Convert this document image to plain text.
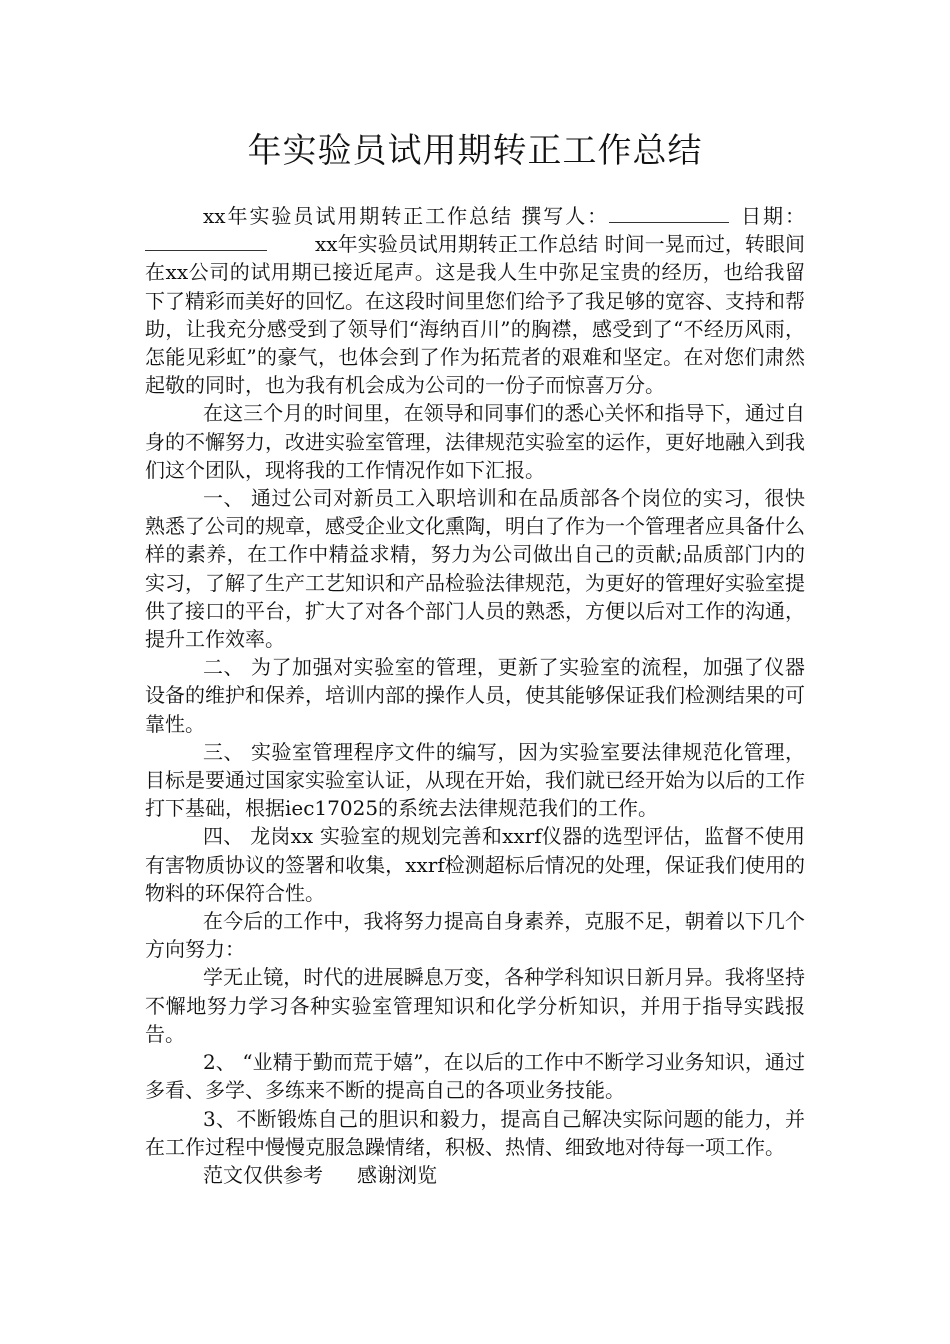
年实验员试用期转正工作总结

xx年实验员试用期转正工作总结 撰写人：	日期：xx年实验员试用期转正工作总结 时间一晃而过，转眼间在xx公司的试用期已接近尾声。这是我人生中弥足宝贵的经历，也给我留下了精彩而美好的回忆。在这段时间里您们给予了我足够的宽容、支持和帮助，让我充分感受到了领导们“海纳百川”的胸襟，感受到了“不经历风雨，怎能见彩虹”的豪气，也体会到了作为拓荒者的艰难和坚定。在对您们肃然起敬的同时，也为我有机会成为公司的一份子而惊喜万分。

在这三个月的时间里，在领导和同事们的悉心关怀和指导下，通过自身的不懈努力，改进实验室管理，法律规范实验室的运作，更好地融入到我们这个团队，现将我的工作情况作如下汇报。

一、 通过公司对新员工入职培训和在品质部各个岗位的实习，很快熟悉了公司的规章，感受企业文化熏陶，明白了作为一个管理者应具备什么样的素养，在工作中精益求精，努力为公司做出自己的贡献;品质部门内的实习，了解了生产工艺知识和产品检验法律规范，为更好的管理好实验室提供了接口的平台，扩大了对各个部门人员的熟悉，方便以后对工作的沟通，提升工作效率。

二、 为了加强对实验室的管理，更新了实验室的流程，加强了仪器设备的维护和保养，培训内部的操作人员，使其能够保证我们检测结果的可靠性。

三、 实验室管理程序文件的编写，因为实验室要法律规范化管理，目标是要通过国家实验室认证，从现在开始，我们就已经开始为以后的工作打下基础，根据iec17025的系统去法律规范我们的工作。

四、 龙岗xx 实验室的规划完善和xxrf仪器的选型评估，监督不使用有害物质协议的签署和收集，xxrf检测超标后情况的处理，保证我们使用的物料的环保符合性。

在今后的工作中，我将努力提高自身素养，克服不足，朝着以下几个方向努力：

学无止镜，时代的进展瞬息万变，各种学科知识日新月异。我将坚持不懈地努力学习各种实验室管理知识和化学分析知识，并用于指导实践报告。

2、 “业精于勤而荒于嬉”，在以后的工作中不断学习业务知识，通过多看、多学、多练来不断的提高自己的各项业务技能。

3、不断锻炼自己的胆识和毅力，提高自己解决实际问题的能力，并在工作过程中慢慢克服急躁情绪，积极、热情、细致地对待每一项工作。

范文仅供参考 感谢浏览
